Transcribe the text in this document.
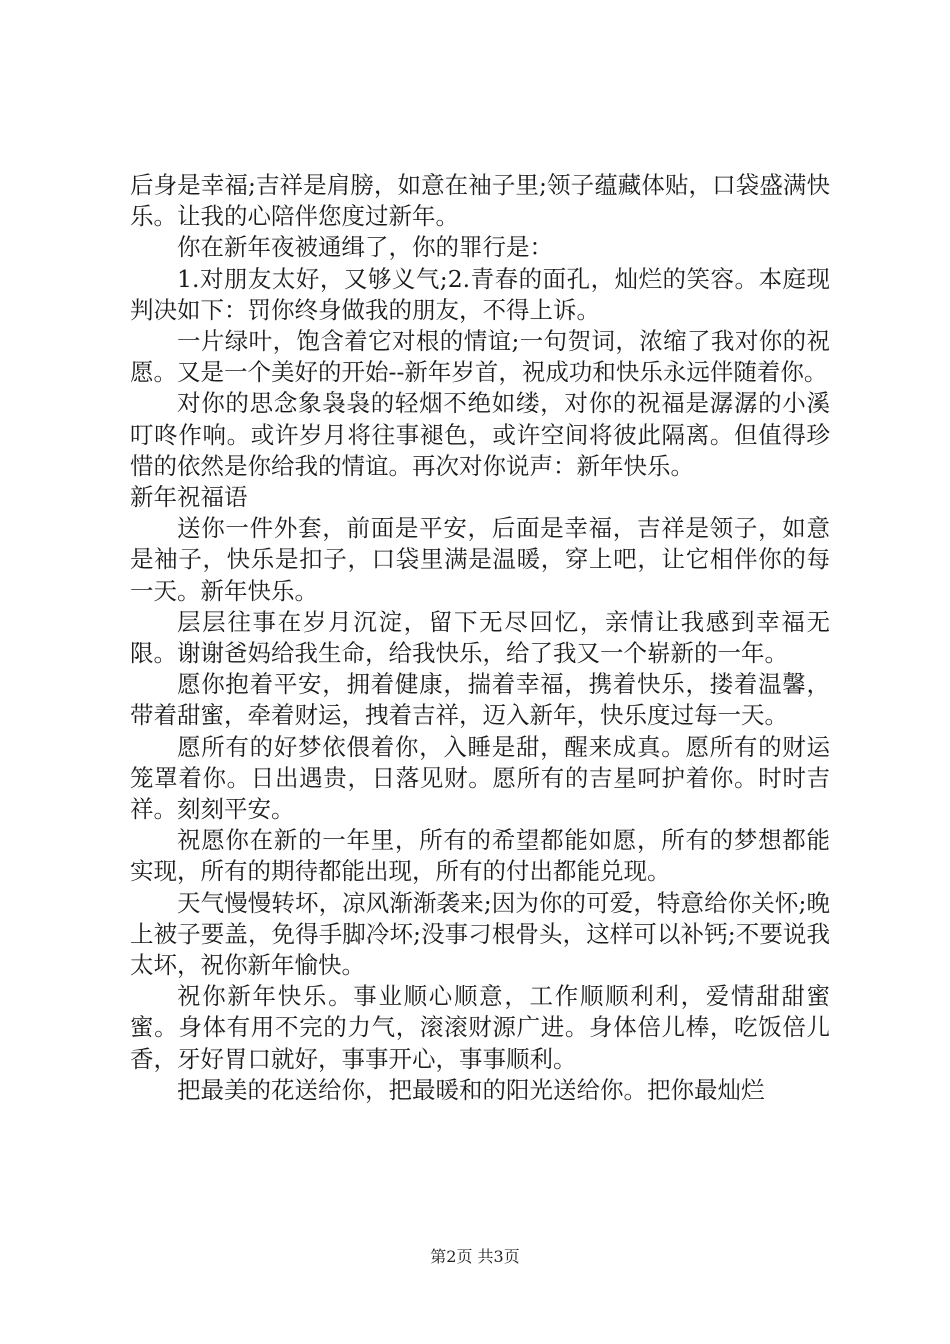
后身是幸福;吉祥是肩膀，如意在袖子里;领子蕴藏体贴，口袋盛满快乐。让我的心陪伴您度过新年。

你在新年夜被通缉了，你的罪行是：

1.对朋友太好，又够义气;2.青春的面孔，灿烂的笑容。本庭现判决如下：罚你终身做我的朋友，不得上诉。

一片绿叶，饱含着它对根的情谊;一句贺词，浓缩了我对你的祝愿。又是一个美好的开始--新年岁首，祝成功和快乐永远伴随着你。

对你的思念象袅袅的轻烟不绝如缕，对你的祝福是潺潺的小溪叮咚作响。或许岁月将往事褪色，或许空间将彼此隔离。但值得珍惜的依然是你给我的情谊。再次对你说声：新年快乐。

新年祝福语

送你一件外套，前面是平安，后面是幸福，吉祥是领子，如意是袖子，快乐是扣子，口袋里满是温暖，穿上吧，让它相伴你的每一天。新年快乐。

层层往事在岁月沉淀，留下无尽回忆，亲情让我感到幸福无限。谢谢爸妈给我生命，给我快乐，给了我又一个崭新的一年。

愿你抱着平安，拥着健康，揣着幸福，携着快乐，搂着温馨，带着甜蜜，牵着财运，拽着吉祥，迈入新年，快乐度过每一天。

愿所有的好梦依偎着你，入睡是甜，醒来成真。愿所有的财运笼罩着你。日出遇贵，日落见财。愿所有的吉星呵护着你。时时吉祥。刻刻平安。

祝愿你在新的一年里，所有的希望都能如愿，所有的梦想都能实现，所有的期待都能出现，所有的付出都能兑现。

天气慢慢转坏，凉风渐渐袭来;因为你的可爱，特意给你关怀;晚上被子要盖，免得手脚冷坏;没事刁根骨头，这样可以补钙;不要说我太坏，祝你新年愉快。

祝你新年快乐。事业顺心顺意，工作顺顺利利，爱情甜甜蜜蜜。身体有用不完的力气，滚滚财源广进。身体倍儿棒，吃饭倍儿香，牙好胃口就好，事事开心，事事顺利。

把最美的花送给你，把最暖和的阳光送给你。把你最灿烂

第2页 共3页
